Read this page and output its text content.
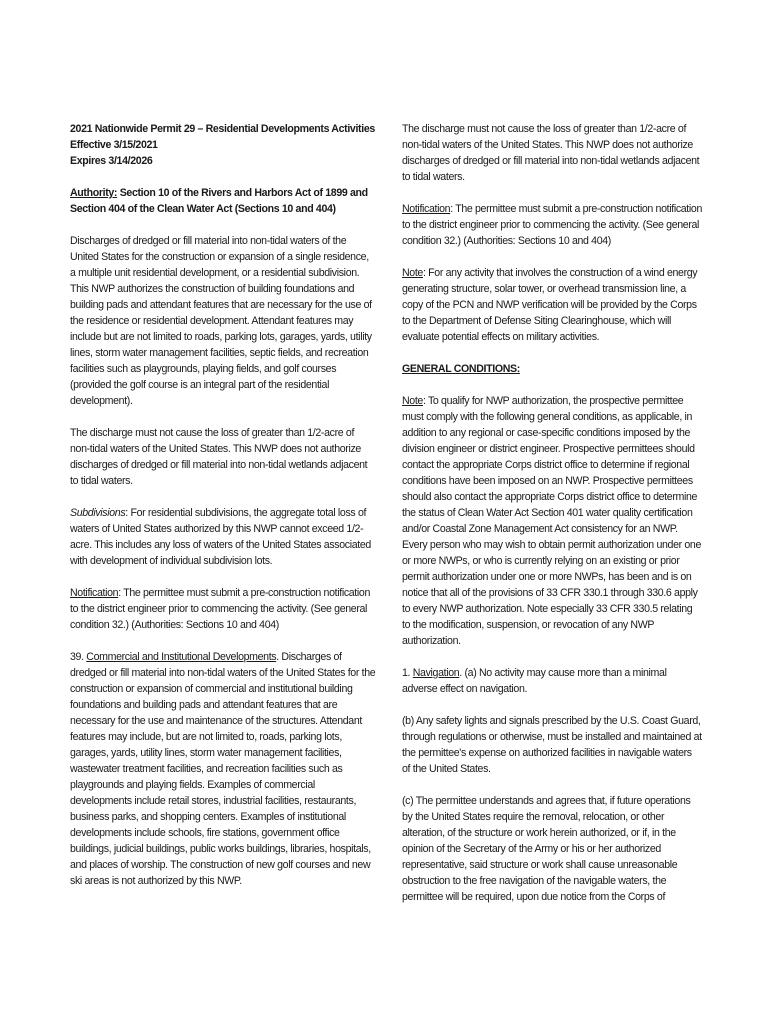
2021 Nationwide Permit 29 – Residential Developments Activities
Effective 3/15/2021
Expires 3/14/2026

Authority: Section 10 of the Rivers and Harbors Act of 1899 and Section 404 of the Clean Water Act (Sections 10 and 404)

Discharges of dredged or fill material into non-tidal waters of the United States for the construction or expansion of a single residence, a multiple unit residential development, or a residential subdivision. This NWP authorizes the construction of building foundations and building pads and attendant features that are necessary for the use of the residence or residential development. Attendant features may include but are not limited to roads, parking lots, garages, yards, utility lines, storm water management facilities, septic fields, and recreation facilities such as playgrounds, playing fields, and golf courses (provided the golf course is an integral part of the residential development).

The discharge must not cause the loss of greater than 1/2-acre of non-tidal waters of the United States. This NWP does not authorize discharges of dredged or fill material into non-tidal wetlands adjacent to tidal waters.

Subdivisions: For residential subdivisions, the aggregate total loss of waters of United States authorized by this NWP cannot exceed 1/2-acre. This includes any loss of waters of the United States associated with development of individual subdivision lots.

Notification: The permittee must submit a pre-construction notification to the district engineer prior to commencing the activity. (See general condition 32.) (Authorities: Sections 10 and 404)

39. Commercial and Institutional Developments. Discharges of dredged or fill material into non-tidal waters of the United States for the construction or expansion of commercial and institutional building foundations and building pads and attendant features that are necessary for the use and maintenance of the structures. Attendant features may include, but are not limited to, roads, parking lots, garages, yards, utility lines, storm water management facilities, wastewater treatment facilities, and recreation facilities such as playgrounds and playing fields. Examples of commercial developments include retail stores, industrial facilities, restaurants, business parks, and shopping centers. Examples of institutional developments include schools, fire stations, government office buildings, judicial buildings, public works buildings, libraries, hospitals, and places of worship. The construction of new golf courses and new ski areas is not authorized by this NWP.

The discharge must not cause the loss of greater than 1/2-acre of non-tidal waters of the United States. This NWP does not authorize discharges of dredged or fill material into non-tidal wetlands adjacent to tidal waters.

Notification: The permittee must submit a pre-construction notification to the district engineer prior to commencing the activity. (See general condition 32.) (Authorities: Sections 10 and 404)

Note: For any activity that involves the construction of a wind energy generating structure, solar tower, or overhead transmission line, a copy of the PCN and NWP verification will be provided by the Corps to the Department of Defense Siting Clearinghouse, which will evaluate potential effects on military activities.

GENERAL CONDITIONS:

Note: To qualify for NWP authorization, the prospective permittee must comply with the following general conditions, as applicable, in addition to any regional or case-specific conditions imposed by the division engineer or district engineer. Prospective permittees should contact the appropriate Corps district office to determine if regional conditions have been imposed on an NWP. Prospective permittees should also contact the appropriate Corps district office to determine the status of Clean Water Act Section 401 water quality certification and/or Coastal Zone Management Act consistency for an NWP. Every person who may wish to obtain permit authorization under one or more NWPs, or who is currently relying on an existing or prior permit authorization under one or more NWPs, has been and is on notice that all of the provisions of 33 CFR 330.1 through 330.6 apply to every NWP authorization. Note especially 33 CFR 330.5 relating to the modification, suspension, or revocation of any NWP authorization.

1. Navigation. (a) No activity may cause more than a minimal adverse effect on navigation.

(b) Any safety lights and signals prescribed by the U.S. Coast Guard, through regulations or otherwise, must be installed and maintained at the permittee's expense on authorized facilities in navigable waters of the United States.

(c) The permittee understands and agrees that, if future operations by the United States require the removal, relocation, or other alteration, of the structure or work herein authorized, or if, in the opinion of the Secretary of the Army or his or her authorized representative, said structure or work shall cause unreasonable obstruction to the free navigation of the navigable waters, the permittee will be required, upon due notice from the Corps of
